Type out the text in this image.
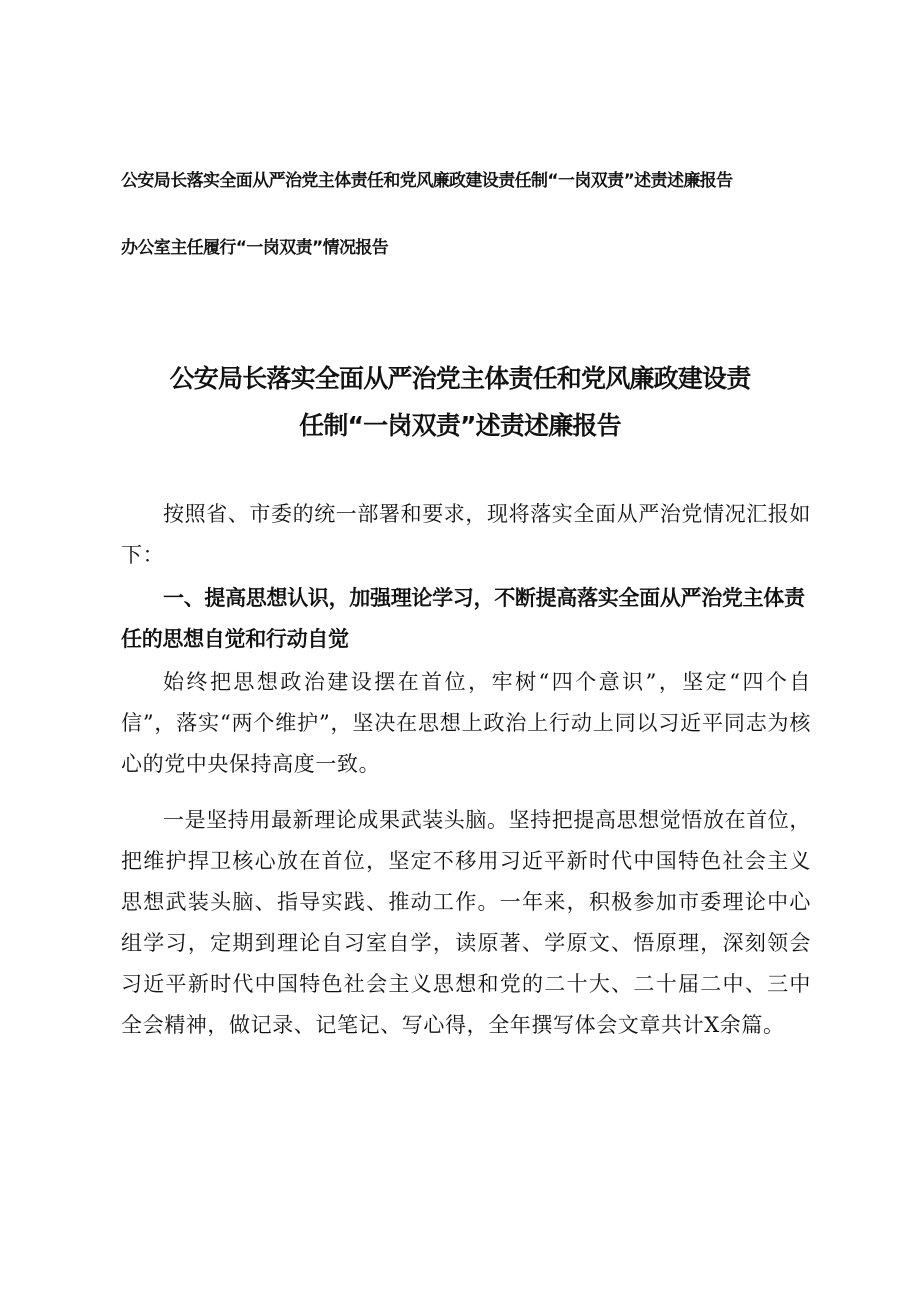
公安局长落实全面从严治党主体责任和党风廉政建设责任制“一岗双责”述责述廉报告
办公室主任履行“一岗双责”情况报告
公安局长落实全面从严治党主体责任和党风廉政建设责
任制“一岗双责”述责述廉报告

按照省、市委的统一部署和要求，现将落实全面从严治党情况汇报如下：

一、提高思想认识，加强理论学习，不断提高落实全面从严治党主体责任的思想自觉和行动自觉

始终把思想政治建设摆在首位，牢树“四个意识”，坚定“四个自信”，落实“两个维护”，坚决在思想上政治上行动上同以习近平同志为核心的党中央保持高度一致。

一是坚持用最新理论成果武装头脑。坚持把提高思想觉悟放在首位，把维护捍卫核心放在首位，坚定不移用习近平新时代中国特色社会主义思想武装头脑、指导实践、推动工作。一年来，积极参加市委理论中心组学习，定期到理论自习室自学，读原著、学原文、悟原理，深刻领会习近平新时代中国特色社会主义思想和党的二十大、二十届二中、三中全会精神，做记录、记笔记、写心得，全年撰写体会文章共计X余篇。
